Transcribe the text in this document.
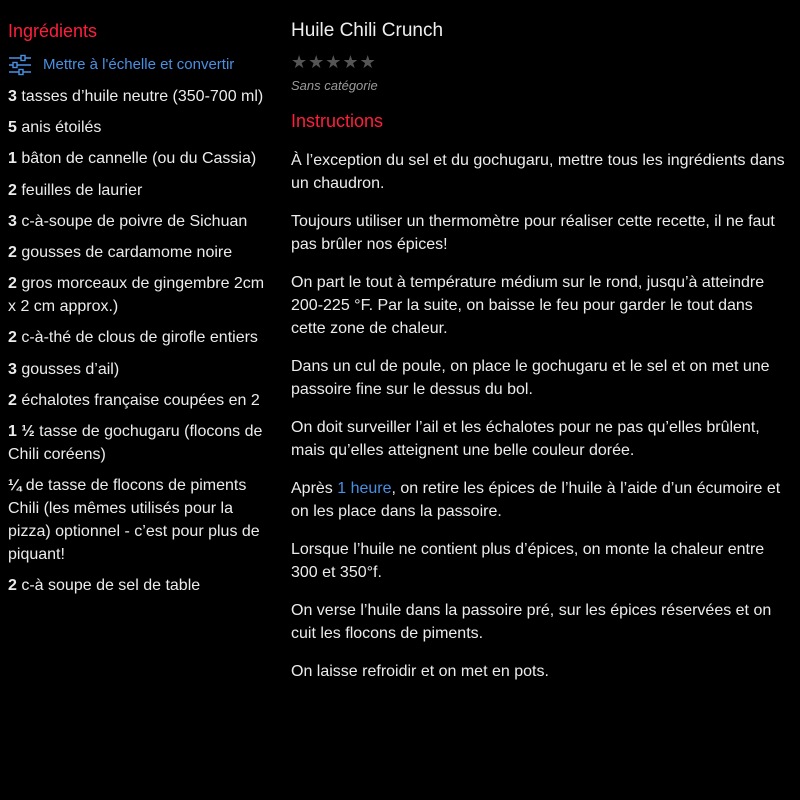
Ingrédients
Mettre à l'échelle et convertir
3 tasses d’huile neutre (350-700 ml)
5 anis étoilés
1 bâton de cannelle (ou du Cassia)
2 feuilles de laurier
3 c-à-soupe de poivre de Sichuan
2 gousses de cardamome noire
2 gros morceaux de gingembre 2cm x 2 cm approx.)
2 c-à-thé de clous de girofle entiers
3 gousses d’ail)
2 échalotes française coupées en 2
1 ½ tasse de gochugaru (flocons de Chili coréens)
¼ de tasse de flocons de piments Chili (les mêmes utilisés pour la pizza) optionnel - c’est pour plus de piquant!
2 c-à soupe de sel de table
Huile Chili Crunch
★ ★ ★ ★ ★
Sans catégorie
Instructions

À l’exception du sel et du gochugaru, mettre tous les ingrédients dans un chaudron.

Toujours utiliser un thermomètre pour réaliser cette recette, il ne faut pas brûler nos épices!

On part le tout à température médium sur le rond, jusqu’à atteindre 200-225 °F. Par la suite, on baisse le feu pour garder le tout dans cette zone de chaleur.

Dans un cul de poule, on place le gochugaru et le sel et on met une passoire fine sur le dessus du bol.

On doit surveiller l’ail et les échalotes pour ne pas qu’elles brûlent, mais qu’elles atteignent une belle couleur dorée.

Après 1 heure, on retire les épices de l’huile à l’aide d’un écumoire et on les place dans la passoire.

Lorsque l’huile ne contient plus d’épices, on monte la chaleur entre 300 et 350°f.

On verse l’huile dans la passoire pré, sur les épices réservées et on cuit les flocons de piments.

On laisse refroidir et on met en pots.
